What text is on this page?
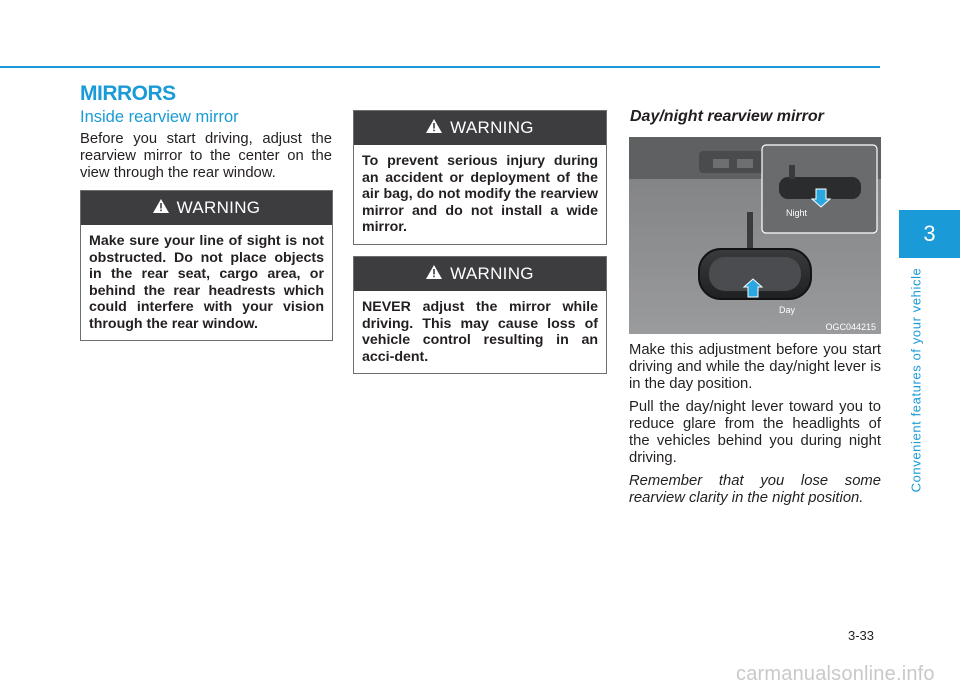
MIRRORS
Inside rearview mirror

Before you start driving, adjust the rearview mirror to the center on the view through the rear window.

WARNING
Make sure your line of sight is not obstructed. Do not place objects in the rear seat, cargo area, or behind the rear headrests which could interfere with your vision through the rear window.
WARNING
To prevent serious injury during an accident or deployment of the air bag, do not modify the rearview mirror and do not install a wide mirror.
WARNING
NEVER adjust the mirror while driving. This may cause loss of vehicle control resulting in an acci-dent.
Day/night rearview mirror
Night
Day
OGC044215

Make this adjustment before you start driving and while the day/night lever is in the day position.

Pull the day/night lever toward you to reduce glare from the headlights of the vehicles behind you during night driving.

Remember that you lose some rearview clarity in the night position.

3
Convenient features of your vehicle
3-33
carmanualsonline.info
